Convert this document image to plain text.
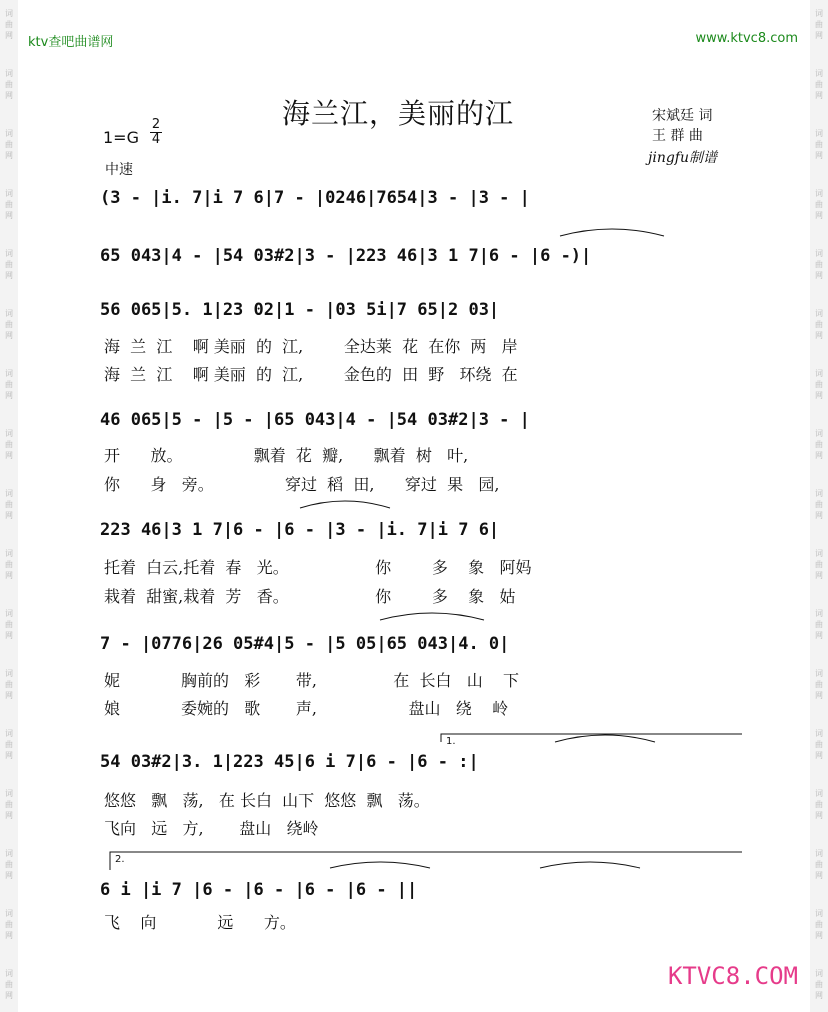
词
曲
网
词
曲
网
词
曲
网
词
曲
网
词
曲
网
词
曲
网
词
曲
网
词
曲
网
词
曲
网
词
曲
网
词
曲
网
词
曲
网
词
曲
网
词
曲
网
词
曲
网
词
曲
网
词
曲
网
词
曲
网
词
曲
网
词
曲
网
词
曲
网
词
曲
网
词
曲
网
词
曲
网
词
曲
网
词
曲
网
词
曲
网
词
曲
网
词
曲
网
词
曲
网
词
曲
网
词
曲
网
词
曲
网
词
曲
网
ktv查吧曲谱网	www.ktvc8.com
海兰江，美丽的江	宋斌廷 词
王 群 曲
jingfu制谱
$1=G \frac{2}{4}$
中速
(3 - |i. 7|i 7 6|7 - |0246|7654|3 - |3 - |
65 043|4 - |54 03#2|3 - |223 46|3 1 7|6 - |6 -)|
56 065|5. 1|23 02|1 - |03 5i|7 65|2 03|
海  兰  江    啊 美丽  的  江,        全达莱  花  在你  两   岸
海  兰  江    啊 美丽  的  江,        金色的  田  野   环绕  在
46 065|5 - |5 - |65 043|4 - |54 03#2|3 - |
开      放。              飘着  花  瓣,      飘着  树   叶,
你      身   旁。              穿过  稻  田,      穿过  果   园,
223 46|3 1 7|6 - |6 - |3 - |i. 7|i 7 6|
托着  白云,托着  春   光。                 你        多    象   阿妈
栽着  甜蜜,栽着  芳   香。                 你        多    象   姑
7 - |0776|26 05#4|5 - |5 05|65 043|4. 0|
妮            胸前的   彩       带,               在  长白   山    下
娘            委婉的   歌       声,                  盘山   绕    岭
54 03#2|3. 1|223 45|6 i 7|6 - |6 - :|
悠悠   飘   荡,   在 长白  山下  悠悠  飘   荡。
飞向   远   方,       盘山   绕岭
6 i |i 7 |6 - |6 - |6 - |6 - ||
飞    向            远      方。
2.
1.
KTVC8.COM
